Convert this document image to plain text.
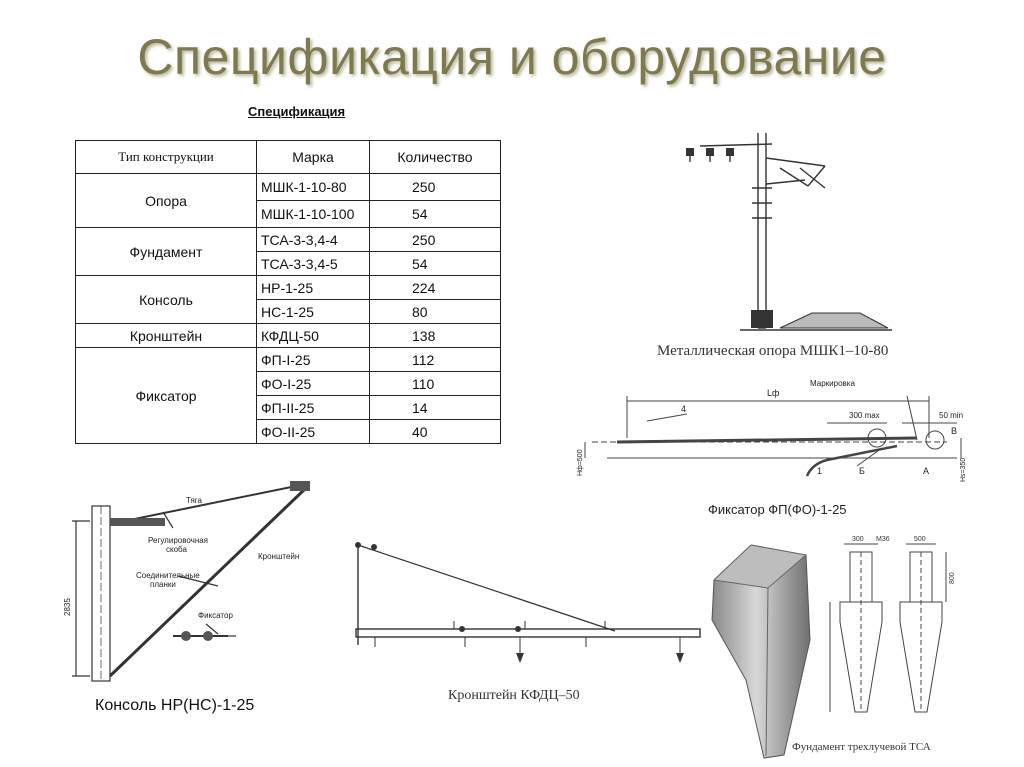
Спецификация и оборудование
Спецификация
Тип конструкции	Марка	Количество
Опора	МШК-1-10-80	250
	МШК-1-10-100	54
Фундамент	ТСА-3-3,4-4	250
	ТСА-3-3,4-5	54
Консоль	НР-1-25	224
	НС-1-25	80
Кронштейн	КФДЦ-50	138
Фиксатор	ФП-I-25	112
	ФО-I-25	110
	ФП-II-25	14
	ФО-II-25	40
Металлическая опора МШК1–10-80
Lф
Маркировка
300 max	50 min
4
В
А
Б
1
Нф=500	Нs=350
Фиксатор ФП(ФО)-1-25
Тяга
Регулировочная
скоба
Кронштейн
Соединительные
планки
Фиксатор
2835
Консоль НР(НС)-1-25
Кронштейн КФДЦ–50
300 М36	500
800
Фундамент трехлучевой ТСА
